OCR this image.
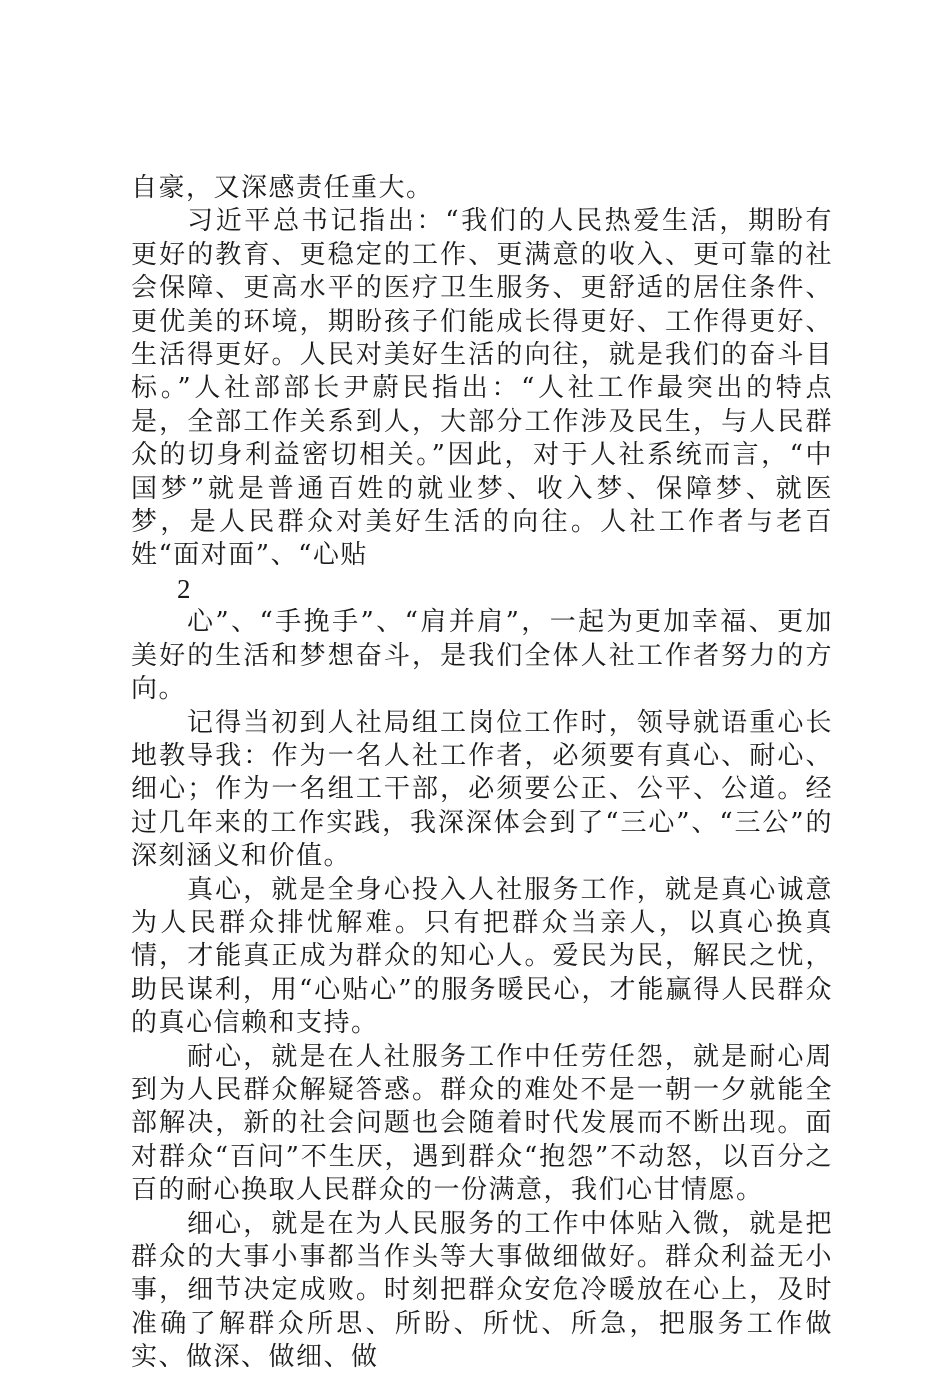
自豪，又深感责任重大。

习近平总书记指出：“我们的人民热爱生活，期盼有更好的教育、更稳定的工作、更满意的收入、更可靠的社会保障、更高水平的医疗卫生服务、更舒适的居住条件、更优美的环境，期盼孩子们能成长得更好、工作得更好、生活得更好。人民对美好生活的向往，就是我们的奋斗目标。”人社部部长尹蔚民指出：“人社工作最突出的特点是，全部工作关系到人，大部分工作涉及民生，与人民群众的切身利益密切相关。”因此，对于人社系统而言，“中国梦”就是普通百姓的就业梦、收入梦、保障梦、就医梦，是人民群众对美好生活的向往。人社工作者与老百姓“面对面”、“心贴

2

心”、“手挽手”、“肩并肩”，一起为更加幸福、更加美好的生活和梦想奋斗，是我们全体人社工作者努力的方向。

记得当初到人社局组工岗位工作时，领导就语重心长地教导我：作为一名人社工作者，必须要有真心、耐心、细心；作为一名组工干部，必须要公正、公平、公道。经过几年来的工作实践，我深深体会到了“三心”、“三公”的深刻涵义和价值。

真心，就是全身心投入人社服务工作，就是真心诚意为人民群众排忧解难。只有把群众当亲人，以真心换真情，才能真正成为群众的知心人。爱民为民，解民之忧，助民谋利，用“心贴心”的服务暖民心，才能赢得人民群众的真心信赖和支持。

耐心，就是在人社服务工作中任劳任怨，就是耐心周到为人民群众解疑答惑。群众的难处不是一朝一夕就能全部解决，新的社会问题也会随着时代发展而不断出现。面对群众“百问”不生厌，遇到群众“抱怨”不动怒，以百分之百的耐心换取人民群众的一份满意，我们心甘情愿。

细心，就是在为人民服务的工作中体贴入微，就是把群众的大事小事都当作头等大事做细做好。群众利益无小事，细节决定成败。时刻把群众安危冷暖放在心上，及时准确了解群众所思、所盼、所忧、所急，把服务工作做实、做深、做细、做
